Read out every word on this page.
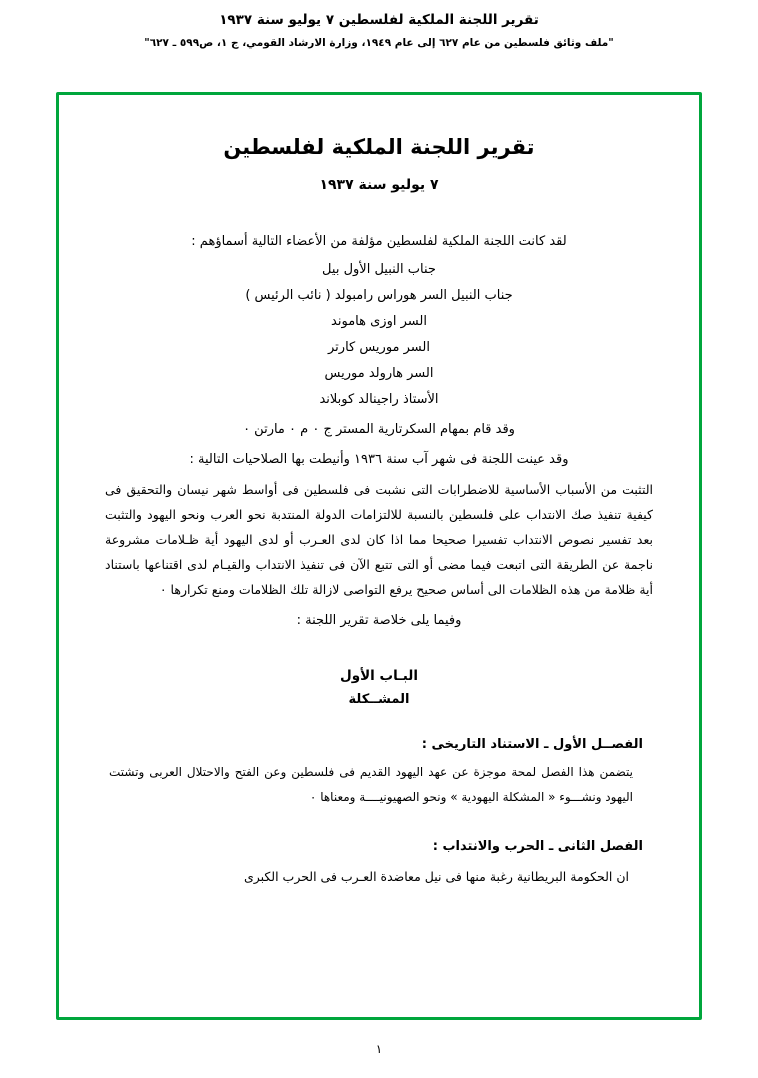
تقرير اللجنة الملكية لفلسطين ٧ يوليو سنة ١٩٣٧
"ملف وثائق فلسطين من عام ٦٢٧ إلى عام ١٩٤٩، وزارة الارشاد القومي، ج ١، ص٥٩٩ ـ ٦٢٧"
تقرير اللجنة الملكية لفلسطين
٧ يوليو سنة ١٩٣٧
لقد كانت اللجنة الملكية لفلسطين مؤلفة من الأعضاء التالية أسماؤهم :
جناب النبيل الأول بيل
جناب النبيل السر هوراس رامبولد ( نائب الرئيس )
السر اوزى هاموند
السر موريس كارتر
السر هارولد موريس
الأستاذ راجينالد كوبلاند
وقد قام بمهام السكرتارية المستر ج ٠ م ٠ مارتن ٠
وقد عينت اللجنة فى شهر آب سنة ١٩٣٦ وأنيطت بها الصلاحيات التالية :
التثبت من الأسباب الأساسية للاضطرابات التى نشبت فى فلسطين فى أواسط شهر نيسان والتحقيق فى كيفية تنفيذ صك الانتداب على فلسطين بالنسبة للالتزامات الدولة المنتدبة نحو العرب ونحو اليهود والتثبت بعد تفسير نصوص الانتداب تفسيرا صحيحا مما اذا كان لدى العـرب أو لدى اليهود أية ظـلامات مشروعة ناجمة عن الطريقة التى اتبعت فيما مضى أو التى تتبع الآن فى تنفيذ الانتداب والقيـام لدى اقتناعها باستناد أية ظلامة من هذه الظلامات الى أساس صحيح يرفع التواصى لازالة تلك الظلامات ومنع تكرارها ٠
وفيما يلى خلاصة تقرير اللجنة :
البـاب الأول
المشــكلة
الفصــل الأول ـ الاستناد التاريخى :
يتضمن هذا الفصل لمحة موجزة عن عهد اليهود القديم فى فلسطين وعن الفتح والاحتلال العربى وتشتت اليهود ونشـــوء « المشكلة اليهودية » ونحو الصهيونيــــة ومعناها ٠
الفصل الثانى ـ الحرب والانتداب :
ان الحكومة البريطانية رغبة منها فى نيل معاضدة العـرب فى الحرب الكبرى
١
